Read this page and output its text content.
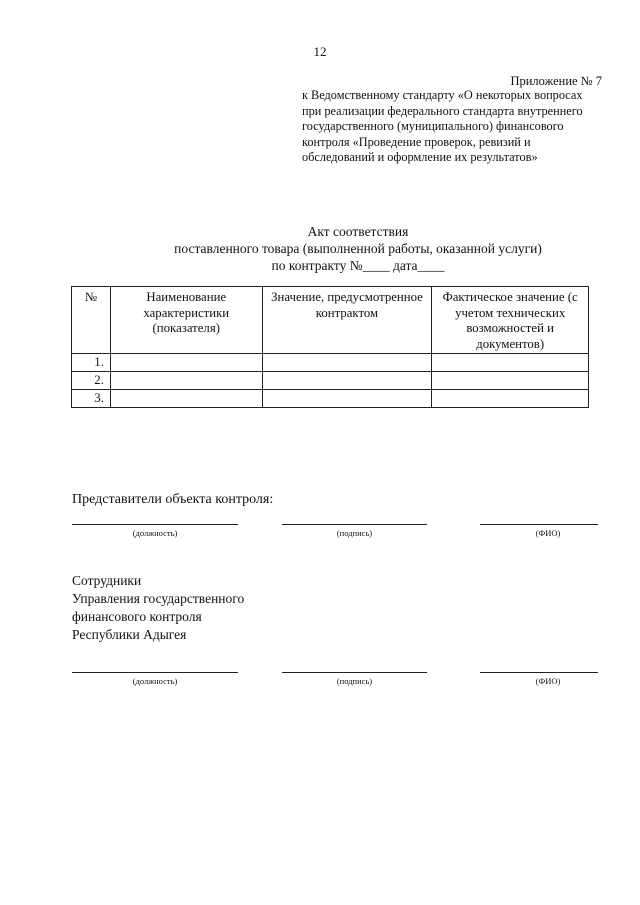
12
Приложение № 7
к Ведомственному стандарту «О некоторых вопросах
при реализации федерального стандарта внутреннего
государственного (муниципального) финансового
контроля «Проведение проверок, ревизий и
обследований и оформление их результатов»
Акт соответствия
поставленного товара (выполненной работы, оказанной услуги)
по контракту №____ дата____
№	Наименование характеристики (показателя)	Значение, предусмотренное контрактом	Фактическое значение (с учетом технических возможностей и документов)
1.			
2.			
3.			
Представители объекта контроля:
(должность)	(подпись)	(ФИО)
Сотрудники
Управления государственного
финансового контроля
Республики Адыгея
(должность)	(подпись)	(ФИО)
